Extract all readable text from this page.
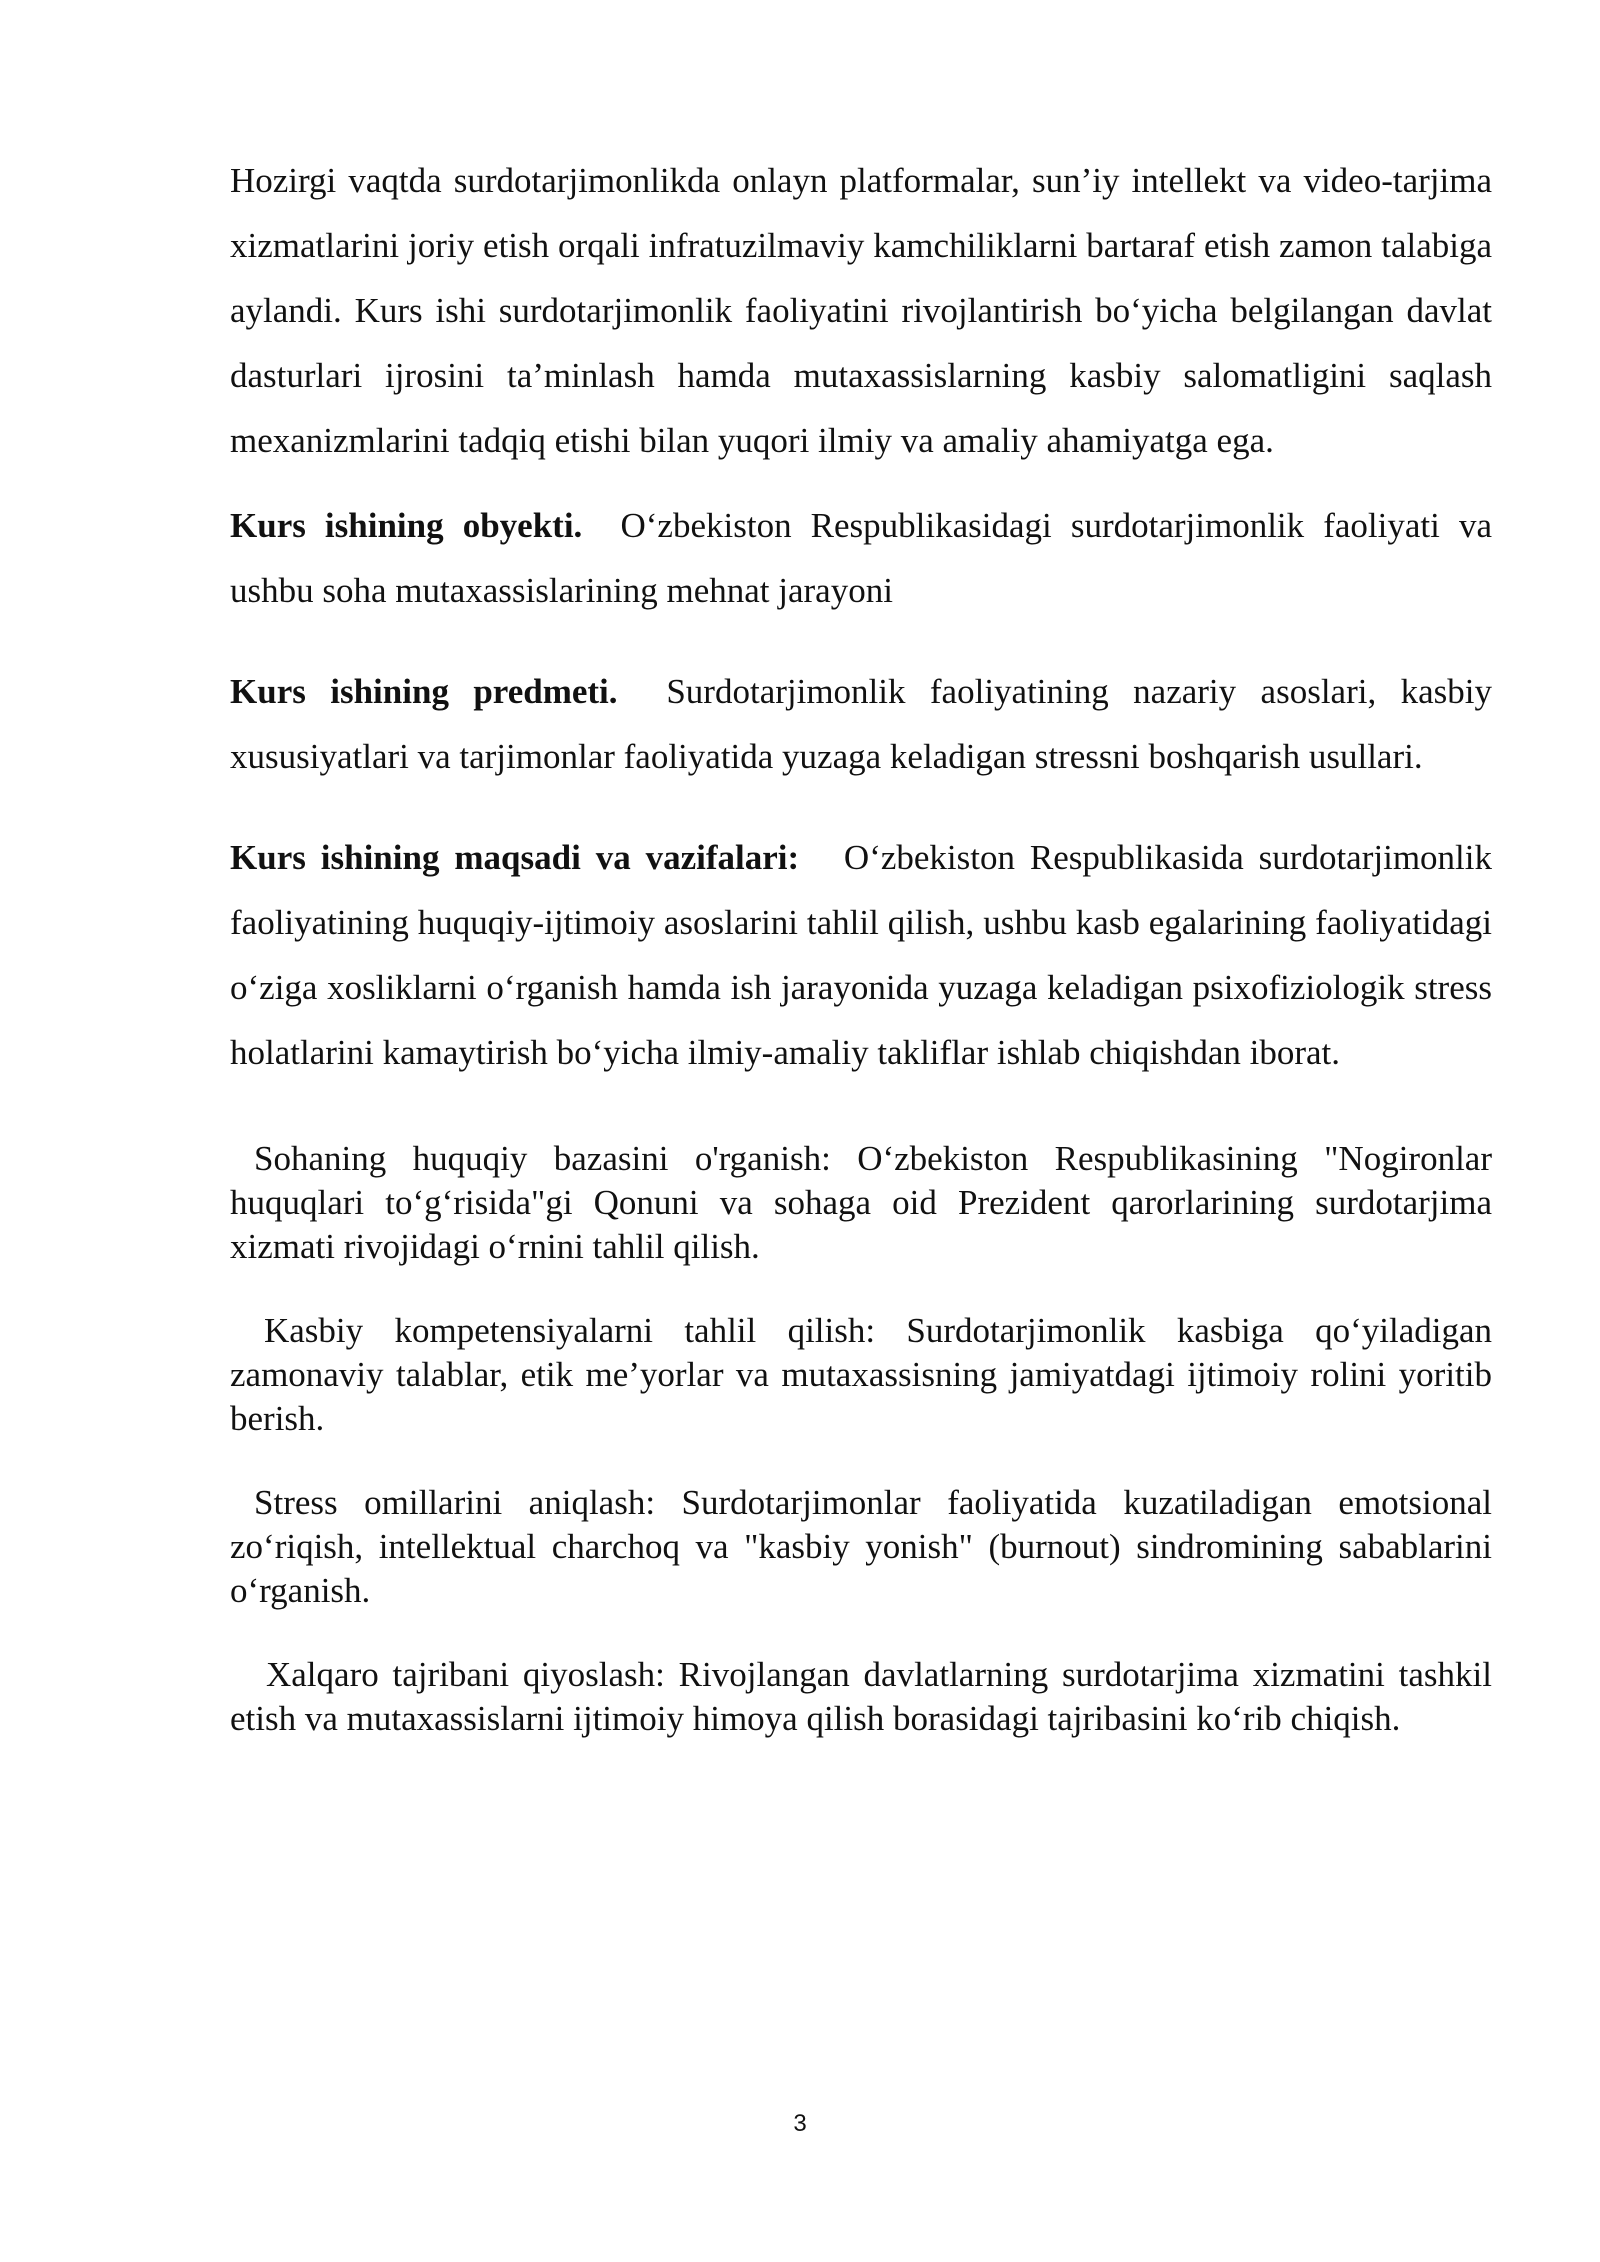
Hozirgi vaqtda surdotarjimonlikda onlayn platformalar, sun’iy intellekt va video-tarjima xizmatlarini joriy etish orqali infratuzilmaviy kamchiliklarni bartaraf etish zamon talabiga aylandi. Kurs ishi surdotarjimonlik faoliyatini rivojlantirish bo‘yicha belgilangan davlat dasturlari ijrosini ta’minlash hamda mutaxassislarning kasbiy salomatligini saqlash mexanizmlarini tadqiq etishi bilan yuqori ilmiy va amaliy ahamiyatga ega.

Kurs ishining obyekti. O‘zbekiston Respublikasidagi surdotarjimonlik faoliyati va ushbu soha mutaxassislarining mehnat jarayoni

Kurs ishining predmeti. Surdotarjimonlik faoliyatining nazariy asoslari, kasbiy xususiyatlari va tarjimonlar faoliyatida yuzaga keladigan stressni boshqarish usullari.

Kurs ishining maqsadi va vazifalari: O‘zbekiston Respublikasida surdotarjimonlik faoliyatining huquqiy-ijtimoiy asoslarini tahlil qilish, ushbu kasb egalarining faoliyatidagi o‘ziga xosliklarni o‘rganish hamda ish jarayonida yuzaga keladigan psixofiziologik stress holatlarini kamaytirish bo‘yicha ilmiy-amaliy takliflar ishlab chiqishdan iborat.

Sohaning huquqiy bazasini o'rganish: O‘zbekiston Respublikasining "Nogironlar huquqlari to‘g‘risida"gi Qonuni va sohaga oid Prezident qarorlarining surdotarjima xizmati rivojidagi o‘rnini tahlil qilish.

Kasbiy kompetensiyalarni tahlil qilish: Surdotarjimonlik kasbiga qo‘yiladigan zamonaviy talablar, etik me’yorlar va mutaxassisning jamiyatdagi ijtimoiy rolini yoritib berish.

Stress omillarini aniqlash: Surdotarjimonlar faoliyatida kuzatiladigan emotsional zo‘riqish, intellektual charchoq va "kasbiy yonish" (burnout) sindromining sabablarini o‘rganish.

Xalqaro tajribani qiyoslash: Rivojlangan davlatlarning surdotarjima xizmatini tashkil etish va mutaxassislarni ijtimoiy himoya qilish borasidagi tajribasini ko‘rib chiqish.

3
